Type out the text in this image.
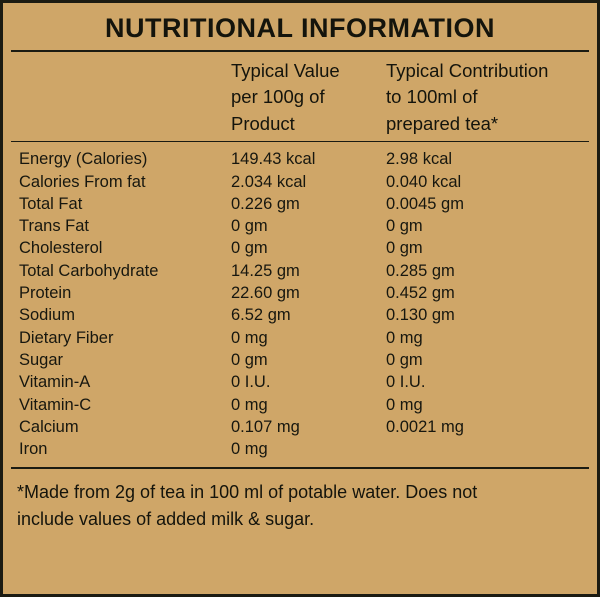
NUTRITIONAL INFORMATION
Typical Value
per 100g of
Product
Typical Contribution
to 100ml of
prepared tea*
Energy (Calories)	149.43 kcal	2.98 kcal
Calories From fat	2.034 kcal	0.040 kcal
Total Fat	0.226 gm	0.0045 gm
Trans Fat	0 gm	0 gm
Cholesterol	0 gm	0 gm
Total Carbohydrate	14.25 gm	0.285 gm
Protein	22.60 gm	0.452 gm
Sodium	6.52 gm	0.130 gm
Dietary Fiber	0 mg	0 mg
Sugar	0 gm	0 gm
Vitamin-A	0 I.U.	0 I.U.
Vitamin-C	0 mg	0 mg
Calcium	0.107 mg	0.0021 mg
Iron	0 mg
*Made from 2g of tea in 100 ml of potable water. Does not
include values of added milk & sugar.
